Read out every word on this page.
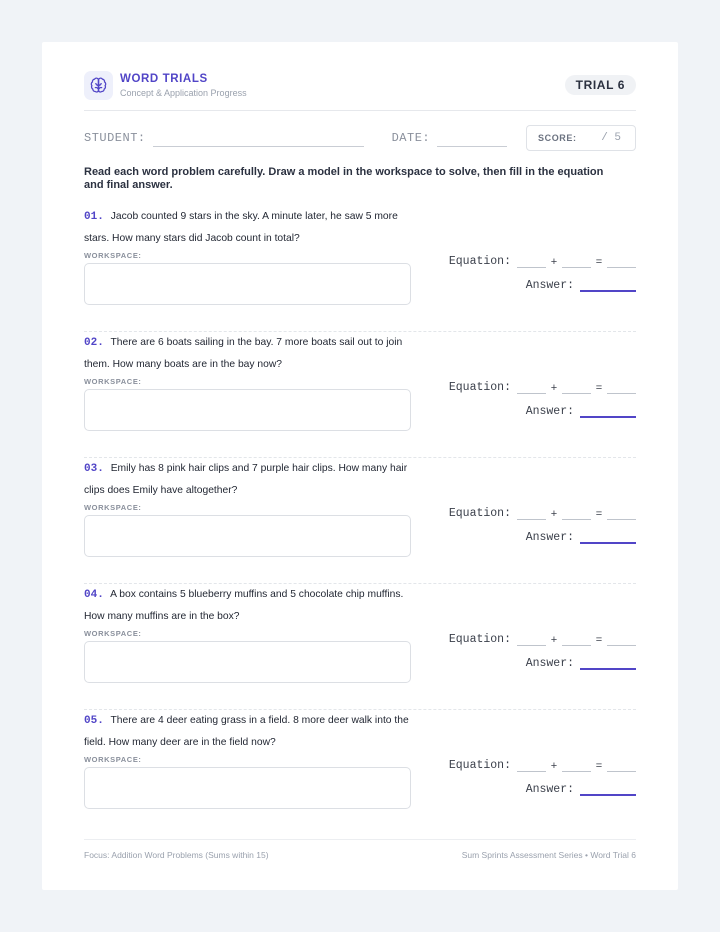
WORD TRIALS
Concept & Application Progress
TRIAL 6
STUDENT:	DATE:	SCORE: / 5
Read each word problem carefully. Draw a model in the workspace to solve, then fill in the equation and final answer.
01. Jacob counted 9 stars in the sky. A minute later, he saw 5 more stars. How many stars did Jacob count in total?
WORKSPACE:	Equation:	+	=
Answer:
02. There are 6 boats sailing in the bay. 7 more boats sail out to join them. How many boats are in the bay now?
WORKSPACE:	Equation:	+	=
Answer:
03. Emily has 8 pink hair clips and 7 purple hair clips. How many hair clips does Emily have altogether?
WORKSPACE:	Equation:	+	=
Answer:
04. A box contains 5 blueberry muffins and 5 chocolate chip muffins. How many muffins are in the box?
WORKSPACE:	Equation:	+	=
Answer:
05. There are 4 deer eating grass in a field. 8 more deer walk into the field. How many deer are in the field now?
WORKSPACE:	Equation:	+	=
Answer:
Focus: Addition Word Problems (Sums within 15)	Sum Sprints Assessment Series • Word Trial 6
